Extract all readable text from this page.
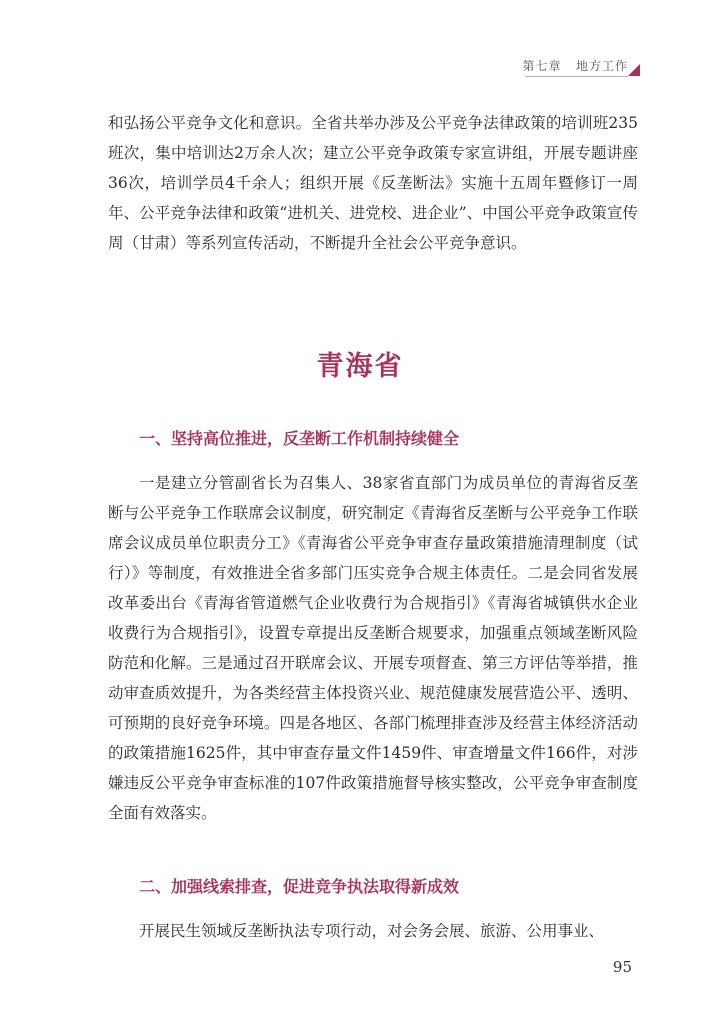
第七章 地方工作

和弘扬公平竞争文化和意识。全省共举办涉及公平竞争法律政策的培训班235班次，集中培训达2万余人次；建立公平竞争政策专家宣讲组，开展专题讲座36次，培训学员4千余人；组织开展《反垄断法》实施十五周年暨修订一周年、公平竞争法律和政策“进机关、进党校、进企业”、中国公平竞争政策宣传周（甘肃）等系列宣传活动，不断提升全社会公平竞争意识。

青海省
一、坚持高位推进，反垄断工作机制持续健全

一是建立分管副省长为召集人、38家省直部门为成员单位的青海省反垄断与公平竞争工作联席会议制度，研究制定《青海省反垄断与公平竞争工作联席会议成员单位职责分工》《青海省公平竞争审查存量政策措施清理制度（试行）》等制度，有效推进全省多部门压实竞争合规主体责任。二是会同省发展改革委出台《青海省管道燃气企业收费行为合规指引》《青海省城镇供水企业收费行为合规指引》，设置专章提出反垄断合规要求，加强重点领域垄断风险防范和化解。三是通过召开联席会议、开展专项督查、第三方评估等举措，推动审查质效提升，为各类经营主体投资兴业、规范健康发展营造公平、透明、可预期的良好竞争环境。四是各地区、各部门梳理排查涉及经营主体经济活动的政策措施1625件，其中审查存量文件1459件、审查增量文件166件，对涉嫌违反公平竞争审查标准的107件政策措施督导核实整改，公平竞争审查制度全面有效落实。

二、加强线索排查，促进竞争执法取得新成效

开展民生领域反垄断执法专项行动，对会务会展、旅游、公用事业、

95
